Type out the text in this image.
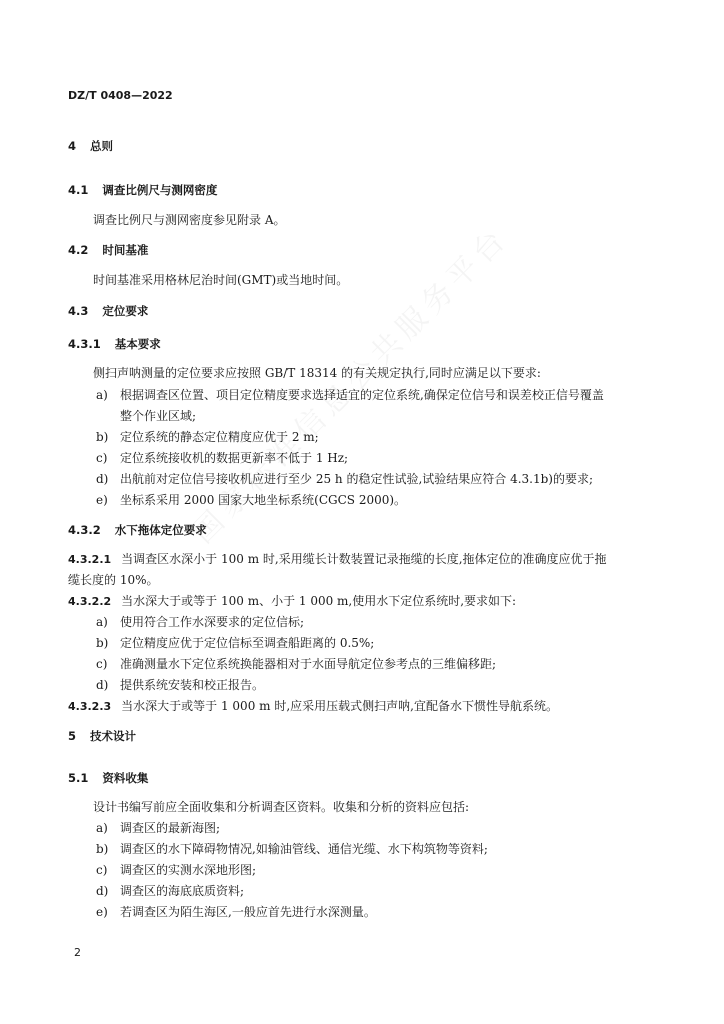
DZ/T 0408—2022
4 总则
4.1 调查比例尺与测网密度
调查比例尺与测网密度参见附录 A。
4.2 时间基准
时间基准采用格林尼治时间(GMT)或当地时间。
4.3 定位要求
4.3.1 基本要求
侧扫声呐测量的定位要求应按照 GB/T 18314 的有关规定执行,同时应满足以下要求:
a) 根据调查区位置、项目定位精度要求选择适宜的定位系统,确保定位信号和误差校正信号覆盖
整个作业区域;
b) 定位系统的静态定位精度应优于 2 m;
c) 定位系统接收机的数据更新率不低于 1 Hz;
d) 出航前对定位信号接收机应进行至少 25 h 的稳定性试验,试验结果应符合 4.3.1b)的要求;
e) 坐标系采用 2000 国家大地坐标系统(CGCS 2000)。
4.3.2 水下拖体定位要求
4.3.2.1 当调查区水深小于 100 m 时,采用缆长计数装置记录拖缆的长度,拖体定位的准确度应优于拖
缆长度的 10%。
4.3.2.2 当水深大于或等于 100 m、小于 1 000 m,使用水下定位系统时,要求如下:
a) 使用符合工作水深要求的定位信标;
b) 定位精度应优于定位信标至调查船距离的 0.5%;
c) 准确测量水下定位系统换能器相对于水面导航定位参考点的三维偏移距;
d) 提供系统安装和校正报告。
4.3.2.3 当水深大于或等于 1 000 m 时,应采用压载式侧扫声呐,宜配备水下惯性导航系统。
5 技术设计
5.1 资料收集
设计书编写前应全面收集和分析调查区资料。收集和分析的资料应包括:
a) 调查区的最新海图;
b) 调查区的水下障碍物情况,如输油管线、通信光缆、水下构筑物等资料;
c) 调查区的实测水深地形图;
d) 调查区的海底底质资料;
e) 若调查区为陌生海区,一般应首先进行水深测量。
2
